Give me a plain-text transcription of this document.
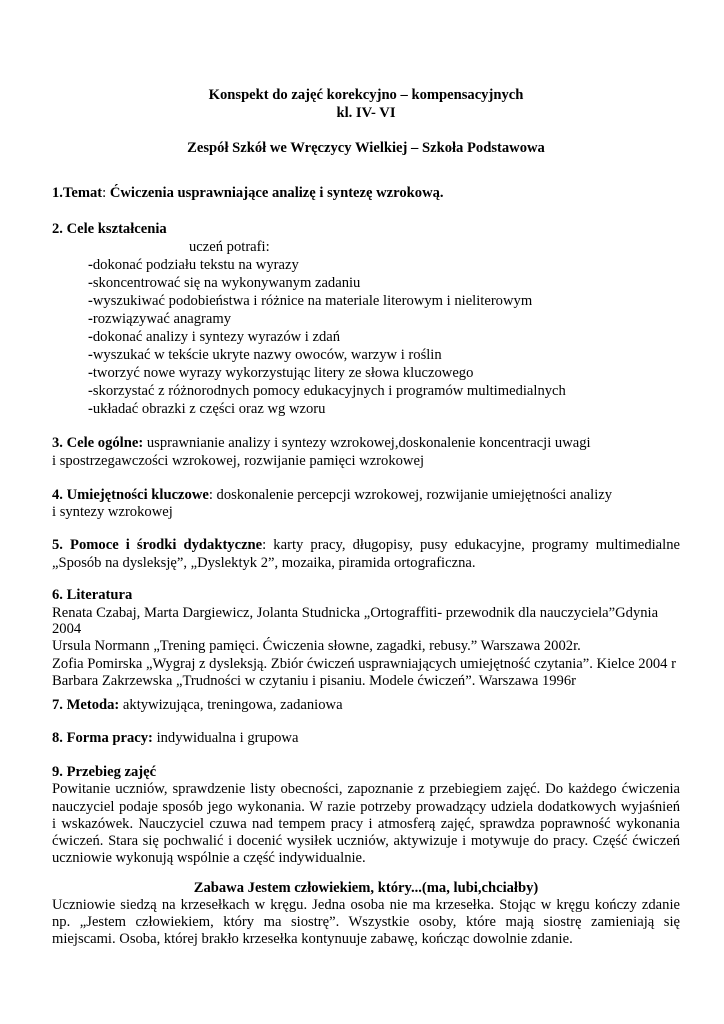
Konspekt do zajęć korekcyjno – kompensacyjnych
kl. IV- VI
Zespół Szkół we Wręczycy Wielkiej – Szkoła Podstawowa
1.Temat: Ćwiczenia usprawniające analizę i syntezę wzrokową.
2. Cele kształcenia
uczeń potrafi:
-dokonać podziału tekstu na wyrazy
-skoncentrować się na wykonywanym zadaniu
-wyszukiwać podobieństwa i różnice na materiale literowym i nieliterowym
-rozwiązywać anagramy
-dokonać analizy i syntezy wyrazów i zdań
-wyszukać w tekście ukryte nazwy owoców, warzyw i roślin
-tworzyć nowe wyrazy wykorzystując litery ze słowa kluczowego
-skorzystać z różnorodnych pomocy edukacyjnych i programów multimedialnych
-układać obrazki z części oraz wg wzoru
3. Cele ogólne: usprawnianie analizy i syntezy wzrokowej,doskonalenie koncentracji uwagi
i spostrzegawczości wzrokowej, rozwijanie pamięci wzrokowej
4. Umiejętności kluczowe: doskonalenie percepcji wzrokowej, rozwijanie umiejętności analizy
i syntezy wzrokowej
5. Pomoce i środki dydaktyczne: karty pracy, długopisy, pusy edukacyjne, programy multimedialne
„Sposób na dysleksję”, „Dyslektyk 2”, mozaika, piramida ortograficzna.
6. Literatura
Renata Czabaj, Marta Dargiewicz, Jolanta Studnicka „Ortograffiti- przewodnik dla nauczyciela”Gdynia
2004
Ursula Normann „Trening pamięci. Ćwiczenia słowne, zagadki, rebusy.” Warszawa 2002r.
Zofia Pomirska „Wygraj z dysleksją. Zbiór ćwiczeń usprawniających umiejętność czytania”. Kielce 2004 r
Barbara Zakrzewska „Trudności w czytaniu i pisaniu. Modele ćwiczeń”. Warszawa 1996r
7. Metoda: aktywizująca, treningowa, zadaniowa
8. Forma pracy: indywidualna i grupowa
9. Przebieg zajęć
Powitanie uczniów, sprawdzenie listy obecności, zapoznanie z przebiegiem zajęć. Do każdego ćwiczenia
nauczyciel podaje sposób jego wykonania. W razie potrzeby prowadzący udziela dodatkowych wyjaśnień
i wskazówek. Nauczyciel czuwa nad tempem pracy i atmosferą zajęć, sprawdza poprawność wykonania
ćwiczeń. Stara się pochwalić i docenić wysiłek uczniów, aktywizuje i motywuje do pracy. Część ćwiczeń
uczniowie wykonują wspólnie a część indywidualnie.
Zabawa Jestem człowiekiem, który...(ma, lubi,chciałby)
Uczniowie siedzą na krzesełkach w kręgu. Jedna osoba nie ma krzesełka. Stojąc w kręgu kończy zdanie
np. „Jestem człowiekiem, który ma siostrę”. Wszystkie osoby, które mają siostrę zamieniają się
miejscami. Osoba, której brakło krzesełka kontynuuje zabawę, kończąc dowolnie zdanie.
